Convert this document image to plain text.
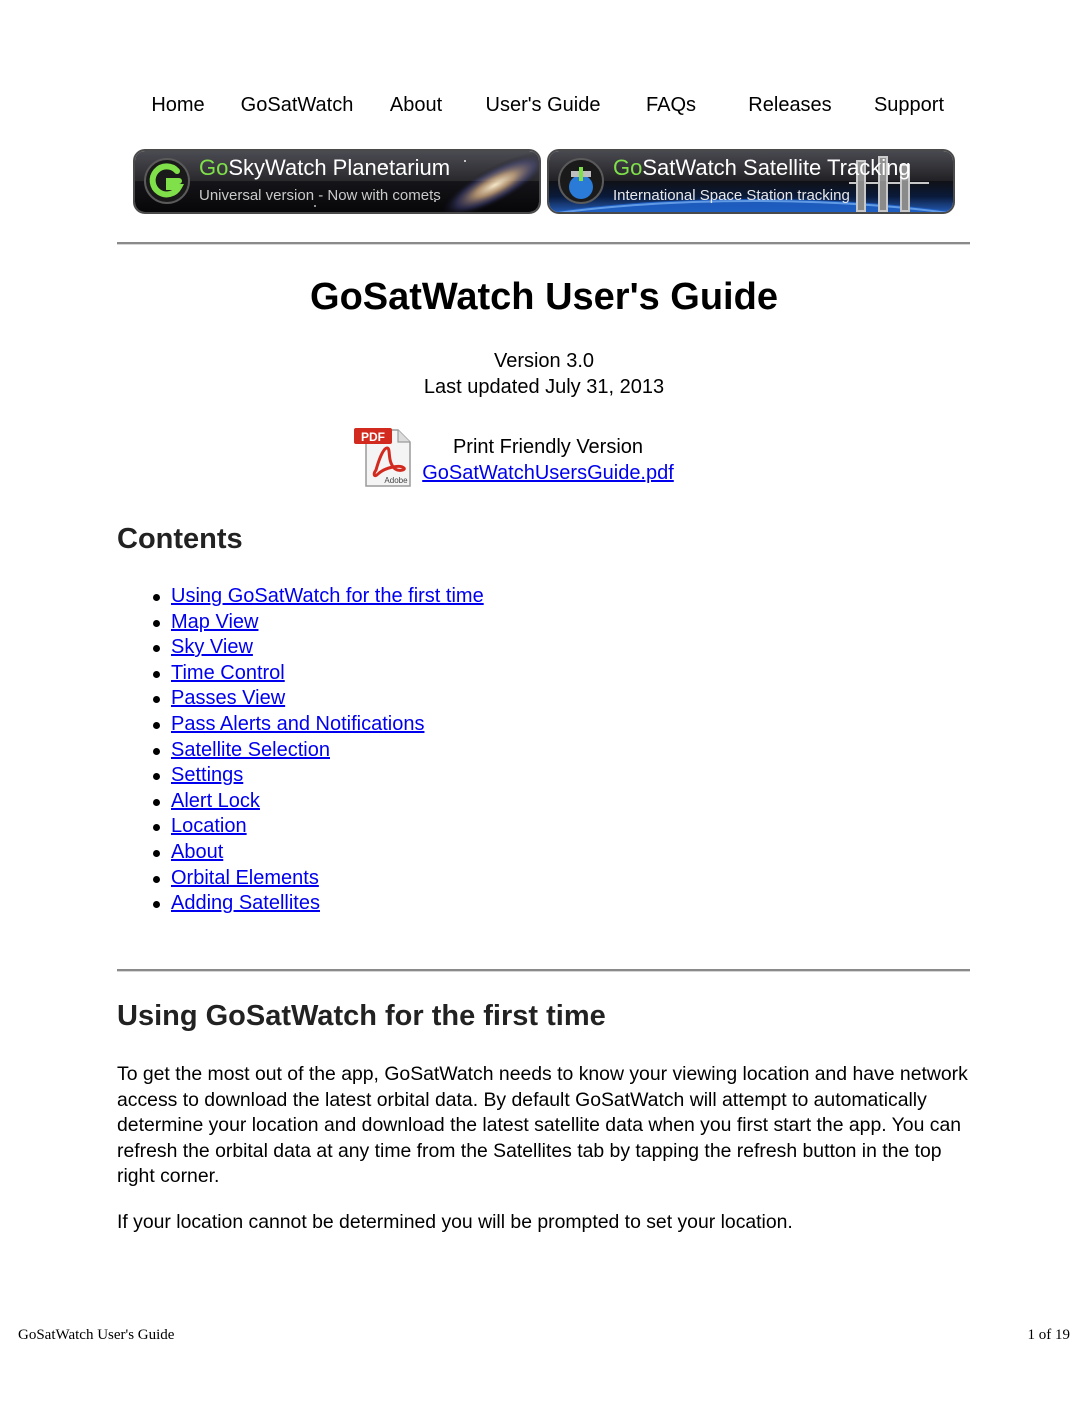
Home GoSatWatch About User's Guide FAQs	Releases Support
GoSkyWatch Planetarium
Universal version - Now with comets
GoSatWatch Satellite Tracking
International Space Station tracking
GoSatWatch User's Guide
Version 3.0
Last updated July 31, 2013
PDF
Adobe
Print Friendly Version
GoSatWatchUsersGuide.pdf
Contents
Using GoSatWatch for the first time
Map View
Sky View
Time Control
Passes View
Pass Alerts and Notifications
Satellite Selection
Settings
Alert Lock
Location
About
Orbital Elements
Adding Satellites
Using GoSatWatch for the first time

To get the most out of the app, GoSatWatch needs to know your viewing location and have network access to download the latest orbital data. By default GoSatWatch will attempt to automatically determine your location and download the latest satellite data when you first start the app. You can refresh the orbital data at any time from the Satellites tab by tapping the refresh button in the top right corner.

If your location cannot be determined you will be prompted to set your location.

GoSatWatch User's Guide	1 of 19
